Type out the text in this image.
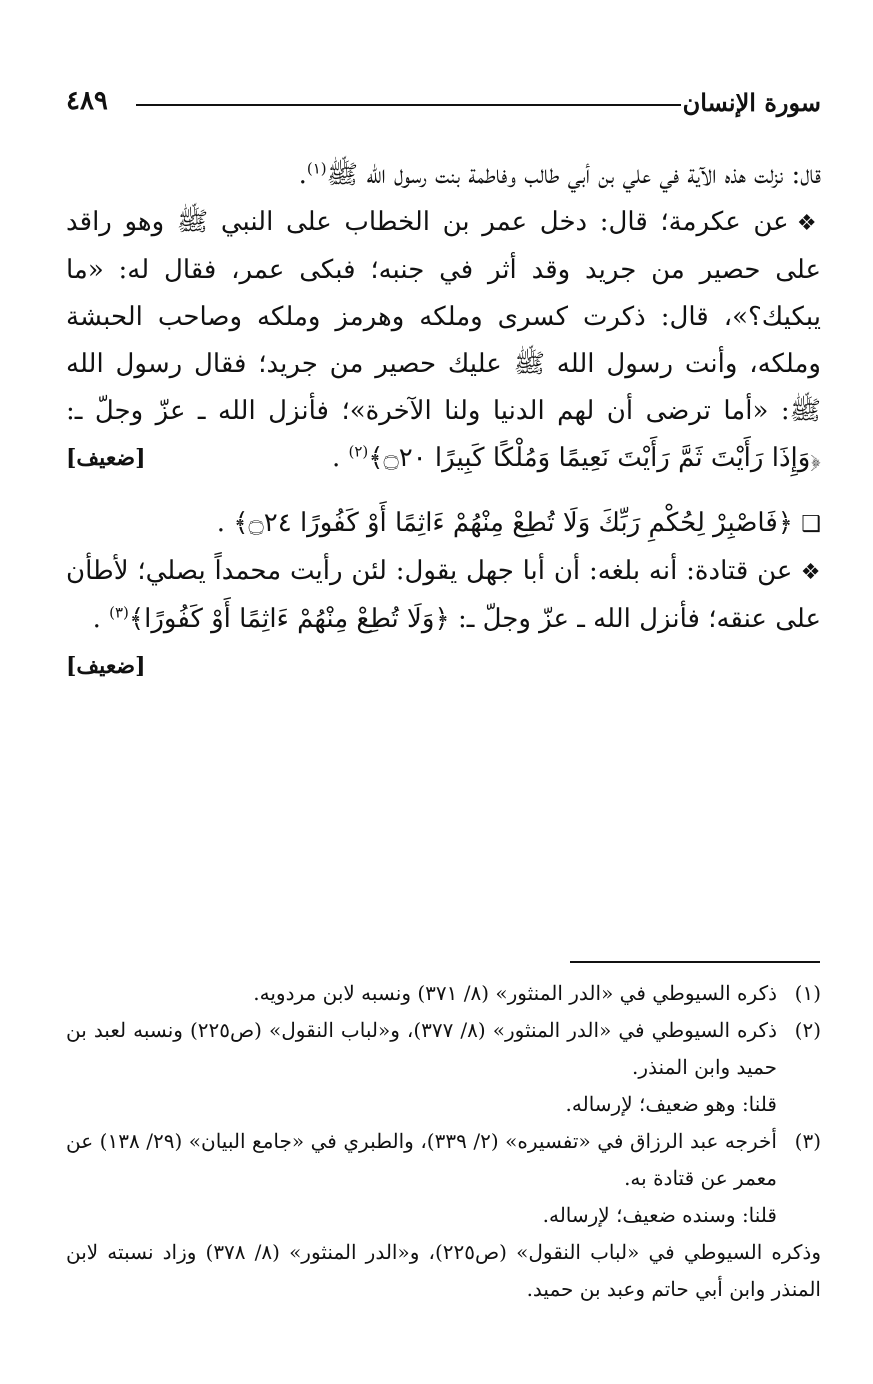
سورة الإنسان
٤٨٩

قال: نزلت هذه الآية في علي بن أبي طالب وفاطمة بنت رسول الله ﷺ$^{(١)}$.

❖ عن عكرمة؛ قال: دخل عمر بن الخطاب على النبي ﷺ وهو راقد على حصير من جريد وقد أثر في جنبه؛ فبكى عمر، فقال له: «ما يبكيك؟»، قال: ذكرت كسرى وملكه وهرمز وملكه وصاحب الحبشة وملكه، وأنت رسول الله ﷺ عليك حصير من جريد؛ فقال رسول الله ﷺ: «أما ترضى أن لهم الدنيا ولنا الآخرة»؛ فأنزل الله ـ عزّ وجلّ ـ: ﴿وَإِذَا رَأَيْتَ ثَمَّ رَأَيْتَ نَعِيمًا وَمُلْكًا كَبِيرًا ۝٢٠﴾$^{(٢)}$ .
[ضعيف]

❑ ﴿فَاصْبِرْ لِحُكْمِ رَبِّكَ وَلَا تُطِعْ مِنْهُمْ ءَاثِمًا أَوْ كَفُورًا ۝٢٤﴾ .

❖ عن قتادة: أنه بلغه: أن أبا جهل يقول: لئن رأيت محمداً يصلي؛ لأطأن على عنقه؛ فأنزل الله ـ عزّ وجلّ ـ: ﴿وَلَا تُطِعْ مِنْهُمْ ءَاثِمًا أَوْ كَفُورًا﴾$^{(٣)}$ .
[ضعيف]

(١)
ذكره السيوطي في «الدر المنثور» (٨/ ٣٧١) ونسبه لابن مردويه.
(٢)
ذكره السيوطي في «الدر المنثور» (٨/ ٣٧٧)، و«لباب النقول» (ص٢٢٥) ونسبه لعبد بن حميد وابن المنذر.
قلنا: وهو ضعيف؛ لإرساله.
(٣)
أخرجه عبد الرزاق في «تفسيره» (٢/ ٣٣٩)، والطبري في «جامع البيان» (٢٩/ ١٣٨) عن معمر عن قتادة به.
قلنا: وسنده ضعيف؛ لإرساله.
وذكره السيوطي في «لباب النقول» (ص٢٢٥)، و«الدر المنثور» (٨/ ٣٧٨) وزاد نسبته لابن المنذر وابن أبي حاتم وعبد بن حميد.
